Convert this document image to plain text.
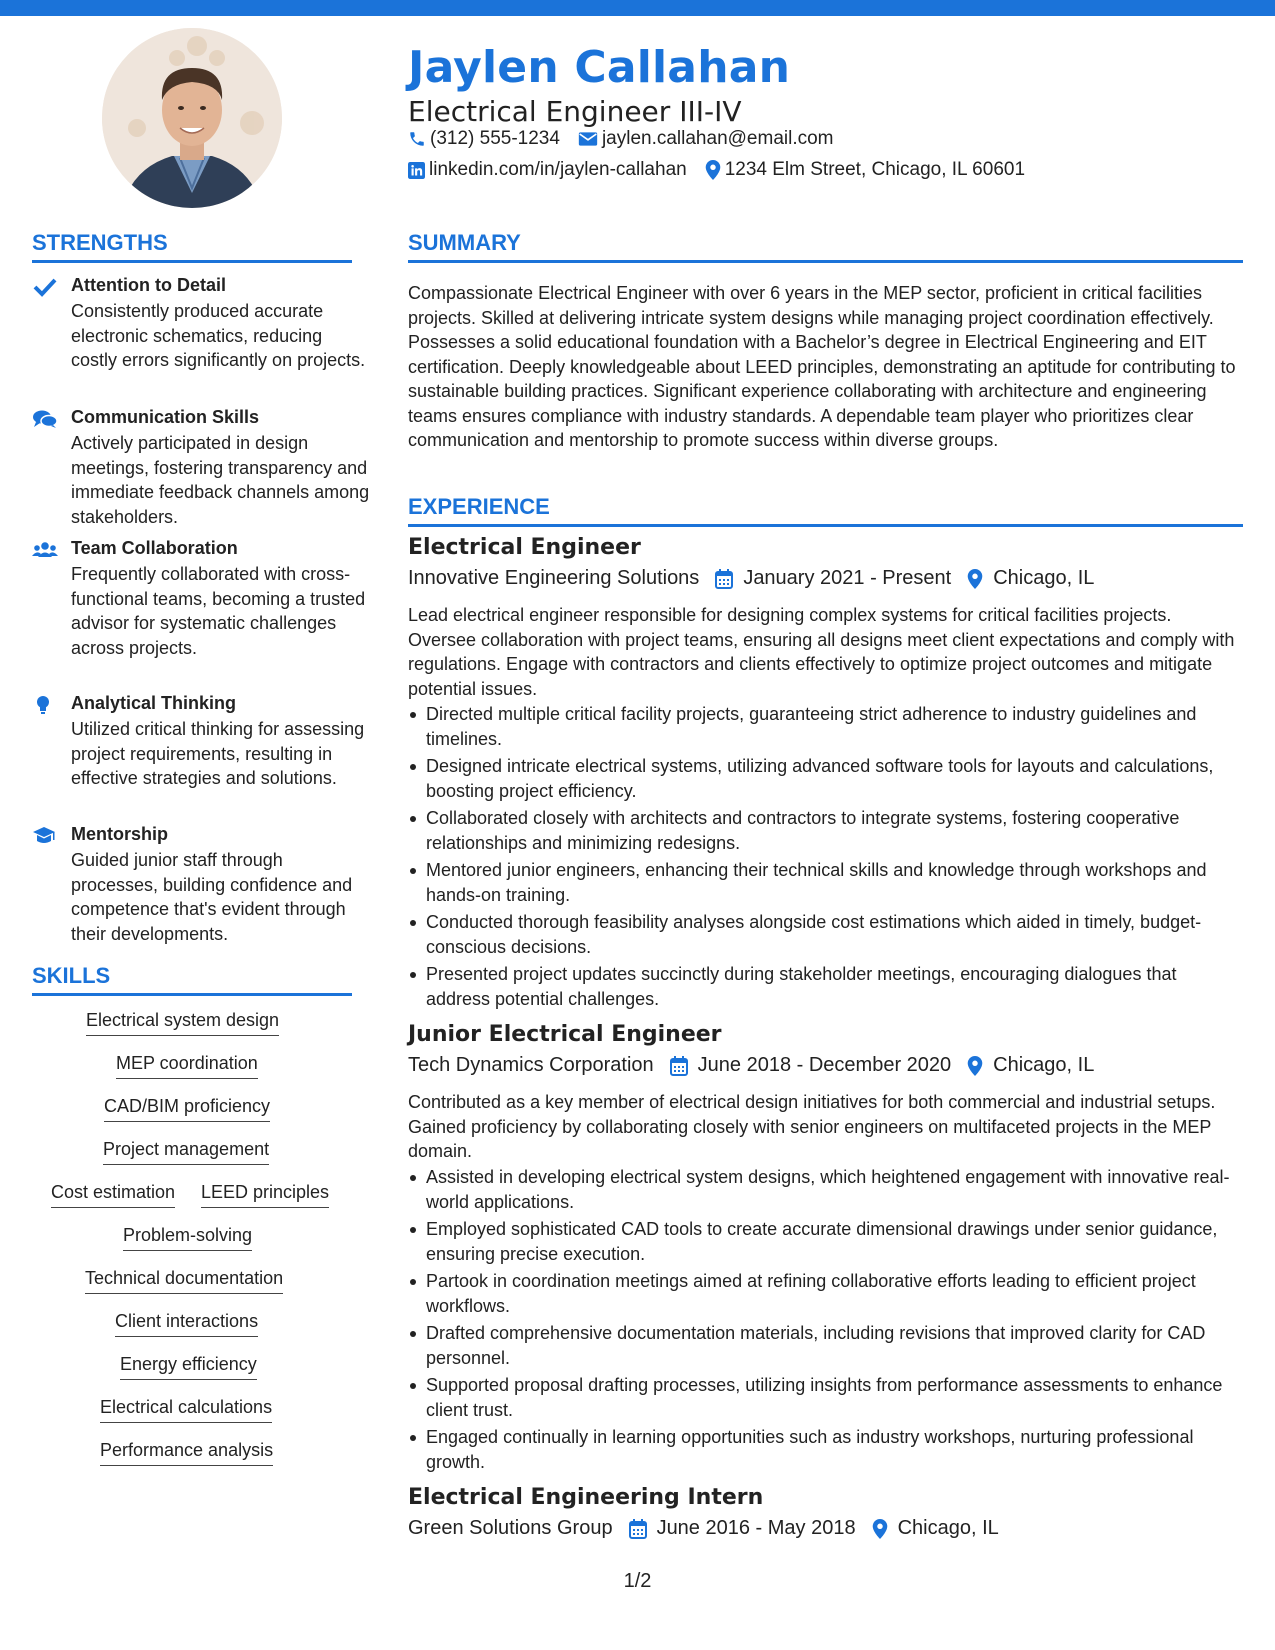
Jaylen Callahan
Electrical Engineer III-IV
(312) 555-1234 jaylen.callahan@email.com
linkedin.com/in/jaylen-callahan 1234 Elm Street, Chicago, IL 60601
STRENGTHS
Attention to Detail
Consistently produced accurate electronic schematics, reducing costly errors significantly on projects.
Communication Skills
Actively participated in design meetings, fostering transparency and immediate feedback channels among stakeholders.
Team Collaboration
Frequently collaborated with cross-functional teams, becoming a trusted advisor for systematic challenges across projects.
Analytical Thinking
Utilized critical thinking for assessing project requirements, resulting in effective strategies and solutions.
Mentorship
Guided junior staff through processes, building confidence and competence that's evident through their developments.
SKILLS
Electrical system design
MEP coordination
CAD/BIM proficiency
Project management
Cost estimation LEED principles
Problem-solving
Technical documentation
Client interactions
Energy efficiency
Electrical calculations
Performance analysis
SUMMARY
Compassionate Electrical Engineer with over 6 years in the MEP sector, proficient in critical facilities projects. Skilled at delivering intricate system designs while managing project coordination effectively. Possesses a solid educational foundation with a Bachelor’s degree in Electrical Engineering and EIT certification. Deeply knowledgeable about LEED principles, demonstrating an aptitude for contributing to sustainable building practices. Significant experience collaborating with architecture and engineering teams ensures compliance with industry standards. A dependable team player who prioritizes clear communication and mentorship to promote success within diverse groups.
EXPERIENCE
Electrical Engineer
Innovative Engineering Solutions January 2021 - Present Chicago, IL
Lead electrical engineer responsible for designing complex systems for critical facilities projects. Oversee collaboration with project teams, ensuring all designs meet client expectations and comply with regulations. Engage with contractors and clients effectively to optimize project outcomes and mitigate potential issues.
Directed multiple critical facility projects, guaranteeing strict adherence to industry guidelines and timelines.
Designed intricate electrical systems, utilizing advanced software tools for layouts and calculations, boosting project efficiency.
Collaborated closely with architects and contractors to integrate systems, fostering cooperative relationships and minimizing redesigns.
Mentored junior engineers, enhancing their technical skills and knowledge through workshops and hands-on training.
Conducted thorough feasibility analyses alongside cost estimations which aided in timely, budget-conscious decisions.
Presented project updates succinctly during stakeholder meetings, encouraging dialogues that address potential challenges.
Junior Electrical Engineer
Tech Dynamics Corporation June 2018 - December 2020 Chicago, IL
Contributed as a key member of electrical design initiatives for both commercial and industrial setups. Gained proficiency by collaborating closely with senior engineers on multifaceted projects in the MEP domain.
Assisted in developing electrical system designs, which heightened engagement with innovative real-world applications.
Employed sophisticated CAD tools to create accurate dimensional drawings under senior guidance, ensuring precise execution.
Partook in coordination meetings aimed at refining collaborative efforts leading to efficient project workflows.
Drafted comprehensive documentation materials, including revisions that improved clarity for CAD personnel.
Supported proposal drafting processes, utilizing insights from performance assessments to enhance client trust.
Engaged continually in learning opportunities such as industry workshops, nurturing professional growth.
Electrical Engineering Intern
Green Solutions Group June 2016 - May 2018 Chicago, IL
1/2
